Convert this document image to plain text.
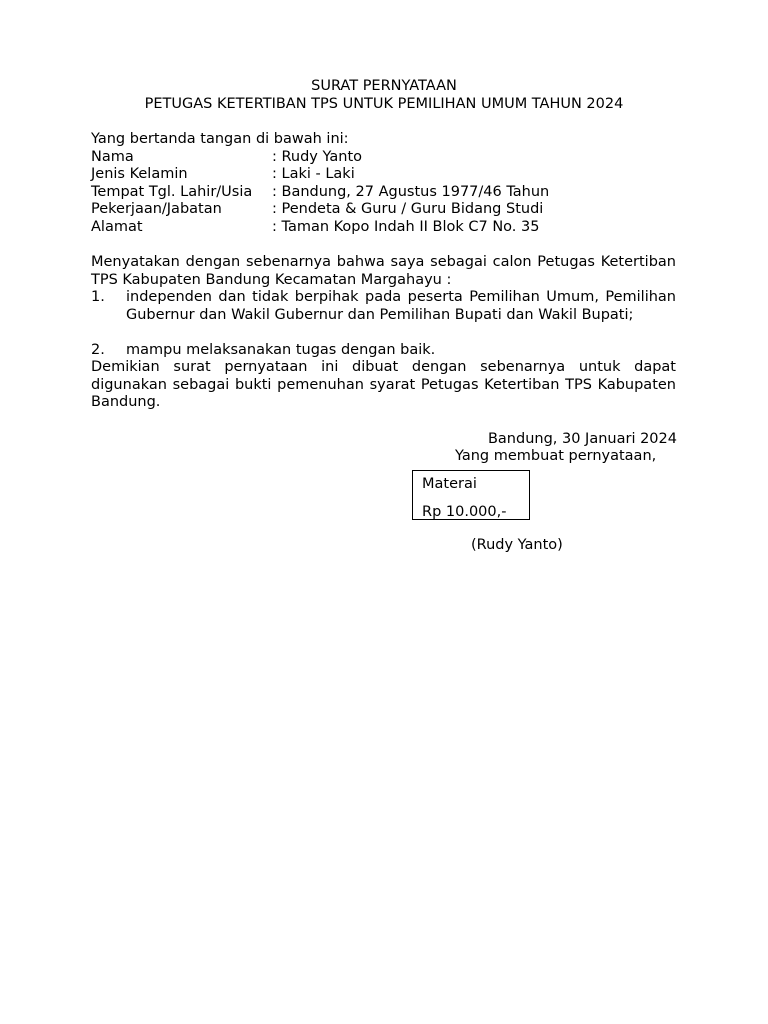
SURAT PERNYATAAN
PETUGAS KETERTIBAN TPS UNTUK PEMILIHAN UMUM TAHUN 2024
Yang bertanda tangan di bawah ini:
Nama	: Rudy Yanto
Jenis Kelamin	: Laki - Laki
Tempat Tgl. Lahir/Usia : Bandung, 27 Agustus 1977/46 Tahun
Pekerjaan/Jabatan	: Pendeta & Guru / Guru Bidang Studi
Alamat	: Taman Kopo Indah II Blok C7 No. 35
Menyatakan dengan sebenarnya bahwa saya sebagai calon Petugas Ketertiban TPS Kabupaten Bandung Kecamatan Margahayu :
1. independen dan tidak berpihak pada peserta Pemilihan Umum, Pemilihan Gubernur dan Wakil Gubernur dan Pemilihan Bupati dan Wakil Bupati;
2. mampu melaksanakan tugas dengan baik.
Demikian surat pernyataan ini dibuat dengan sebenarnya untuk dapat digunakan sebagai bukti pemenuhan syarat Petugas Ketertiban TPS Kabupaten Bandung.
Bandung, 30 Januari 2024
Yang membuat pernyataan,
Materai
Rp 10.000,-
(Rudy Yanto)
